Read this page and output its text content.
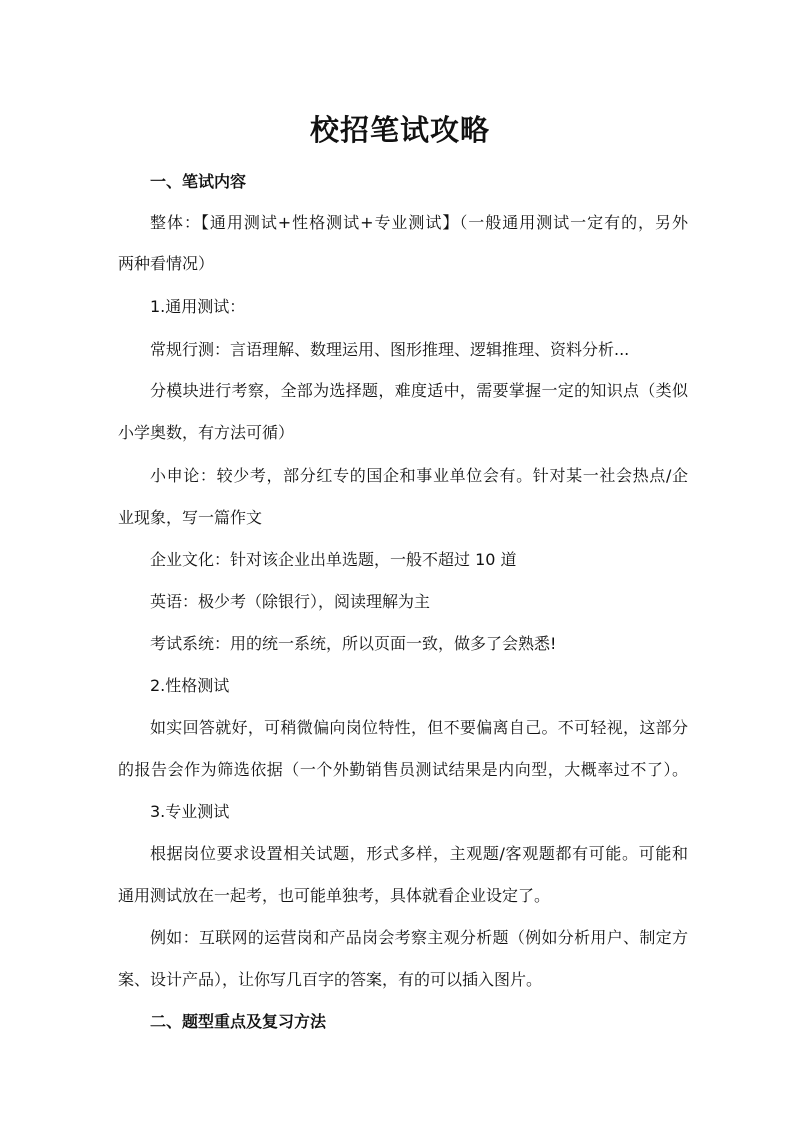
校招笔试攻略
一、笔试内容
整体：【通用测试+性格测试+专业测试】（一般通用测试一定有的，另外
两种看情况）
1.通用测试：
常规行测：言语理解、数理运用、图形推理、逻辑推理、资料分析...
分模块进行考察，全部为选择题，难度适中，需要掌握一定的知识点（类似
小学奥数，有方法可循）
小申论：较少考，部分红专的国企和事业单位会有。针对某一社会热点/企
业现象，写一篇作文
企业文化：针对该企业出单选题，一般不超过 10 道
英语：极少考（除银行），阅读理解为主
考试系统：用的统一系统，所以页面一致，做多了会熟悉!
2.性格测试
如实回答就好，可稍微偏向岗位特性，但不要偏离自己。不可轻视，这部分
的报告会作为筛选依据（一个外勤销售员测试结果是内向型，大概率过不了）。
3.专业测试
根据岗位要求设置相关试题，形式多样，主观题/客观题都有可能。可能和
通用测试放在一起考，也可能单独考，具体就看企业设定了。
例如：互联网的运营岗和产品岗会考察主观分析题（例如分析用户、制定方
案、设计产品），让你写几百字的答案，有的可以插入图片。
二、题型重点及复习方法
